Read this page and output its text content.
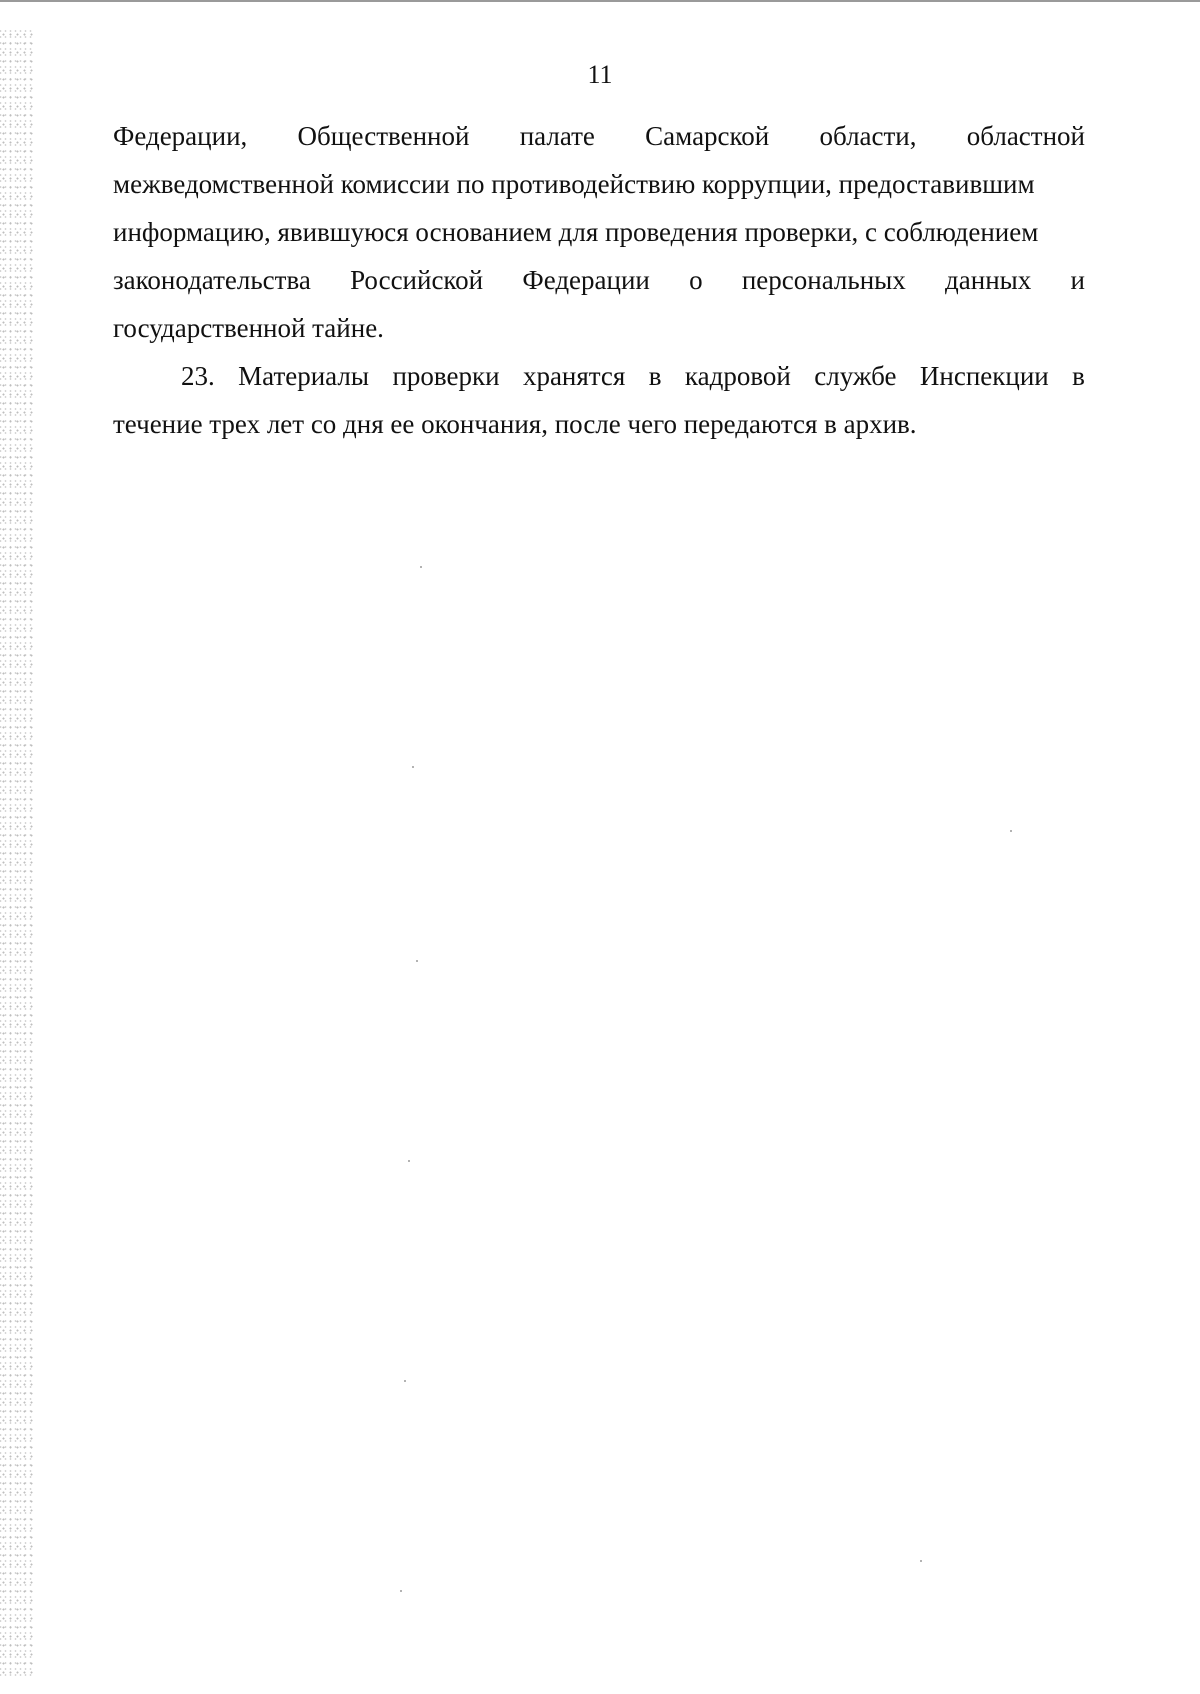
11
Федерации, Общественной палате Самарской области, областной
межведомственной комиссии по противодействию коррупции, предоставившим
информацию, явившуюся основанием для проведения проверки, с соблюдением
законодательства Российской Федерации о персональных данных и
государственной тайне.
23. Материалы проверки хранятся в кадровой службе Инспекции в
течение трех лет со дня ее окончания, после чего передаются в архив.
